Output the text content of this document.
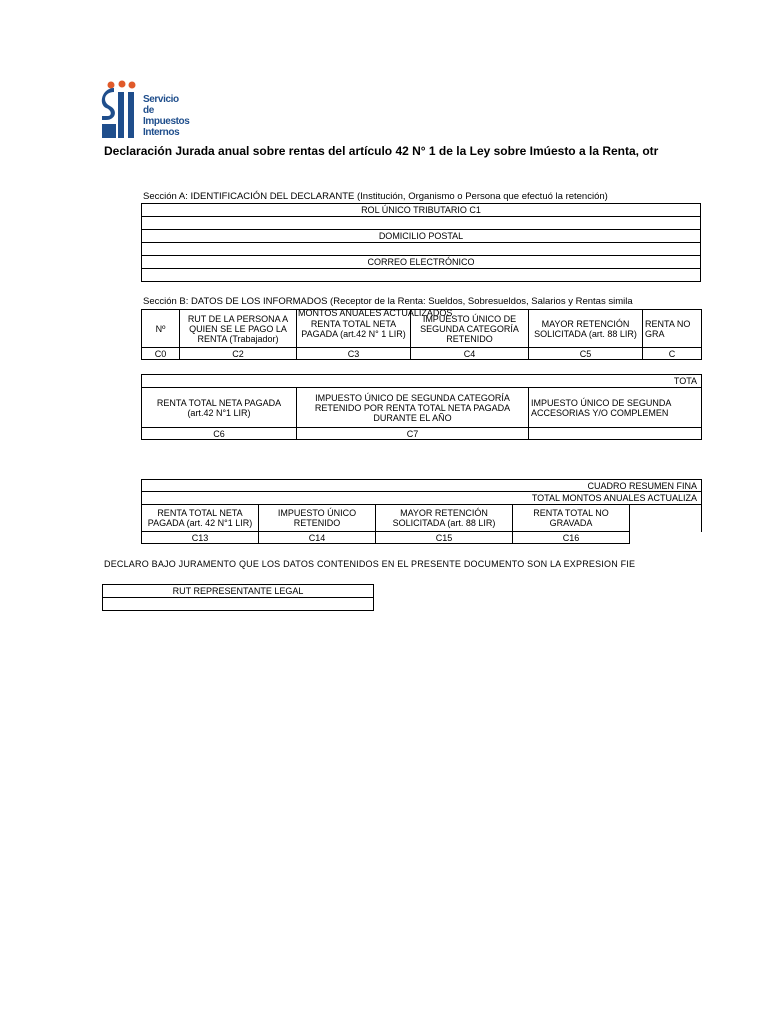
Servicio de
Impuestos
Internos
Declaración Jurada anual sobre rentas del artículo 42 N° 1 de la Ley sobre Imúesto a la Renta, otr
Sección A: IDENTIFICACIÓN DEL DECLARANTE (Institución, Organismo o Persona que efectuó la retención)
ROL ÚNICO TRIBUTARIO C1

DOMICILIO POSTAL

CORREO ELECTRÓNICO

Sección B: DATOS DE LOS INFORMADOS (Receptor de la Renta: Sueldos, Sobresueldos, Salarios y Rentas simila
MONTOS ANUALES ACTUALIZADOS
Nº	RUT DE LA PERSONA A QUIEN SE LE PAGO LA RENTA (Trabajador)	RENTA TOTAL NETA PAGADA (art.42 N° 1 LIR)	IMPUESTO ÚNICO DE SEGUNDA CATEGORÍA RETENIDO	MAYOR RETENCIÓN SOLICITADA (art. 88 LIR)	RENTA NO GRA
C0	C2	C3	C4	C5	C
TOTA		
RENTA TOTAL NETA PAGADA (art.42 N°1 LIR)	IMPUESTO ÚNICO DE SEGUNDA CATEGORÍA RETENIDO POR RENTA TOTAL NETA PAGADA DURANTE EL AÑO	IMPUESTO ÚNICO DE SEGUNDA ACCESORIAS Y/O COMPLEMEN
C6	C7	
CUADRO RESUMEN FINA				
TOTAL MONTOS ANUALES ACTUALIZA				
RENTA TOTAL NETA PAGADA (art. 42 N°1 LIR)	IMPUESTO ÚNICO RETENIDO	MAYOR RETENCIÓN SOLICITADA (art. 88 LIR)	RENTA TOTAL NO GRAVADA	
C13	C14	C15	C16	
DECLARO BAJO JURAMENTO QUE LOS DATOS CONTENIDOS EN EL PRESENTE DOCUMENTO SON LA EXPRESION FIE
RUT REPRESENTANTE LEGAL
